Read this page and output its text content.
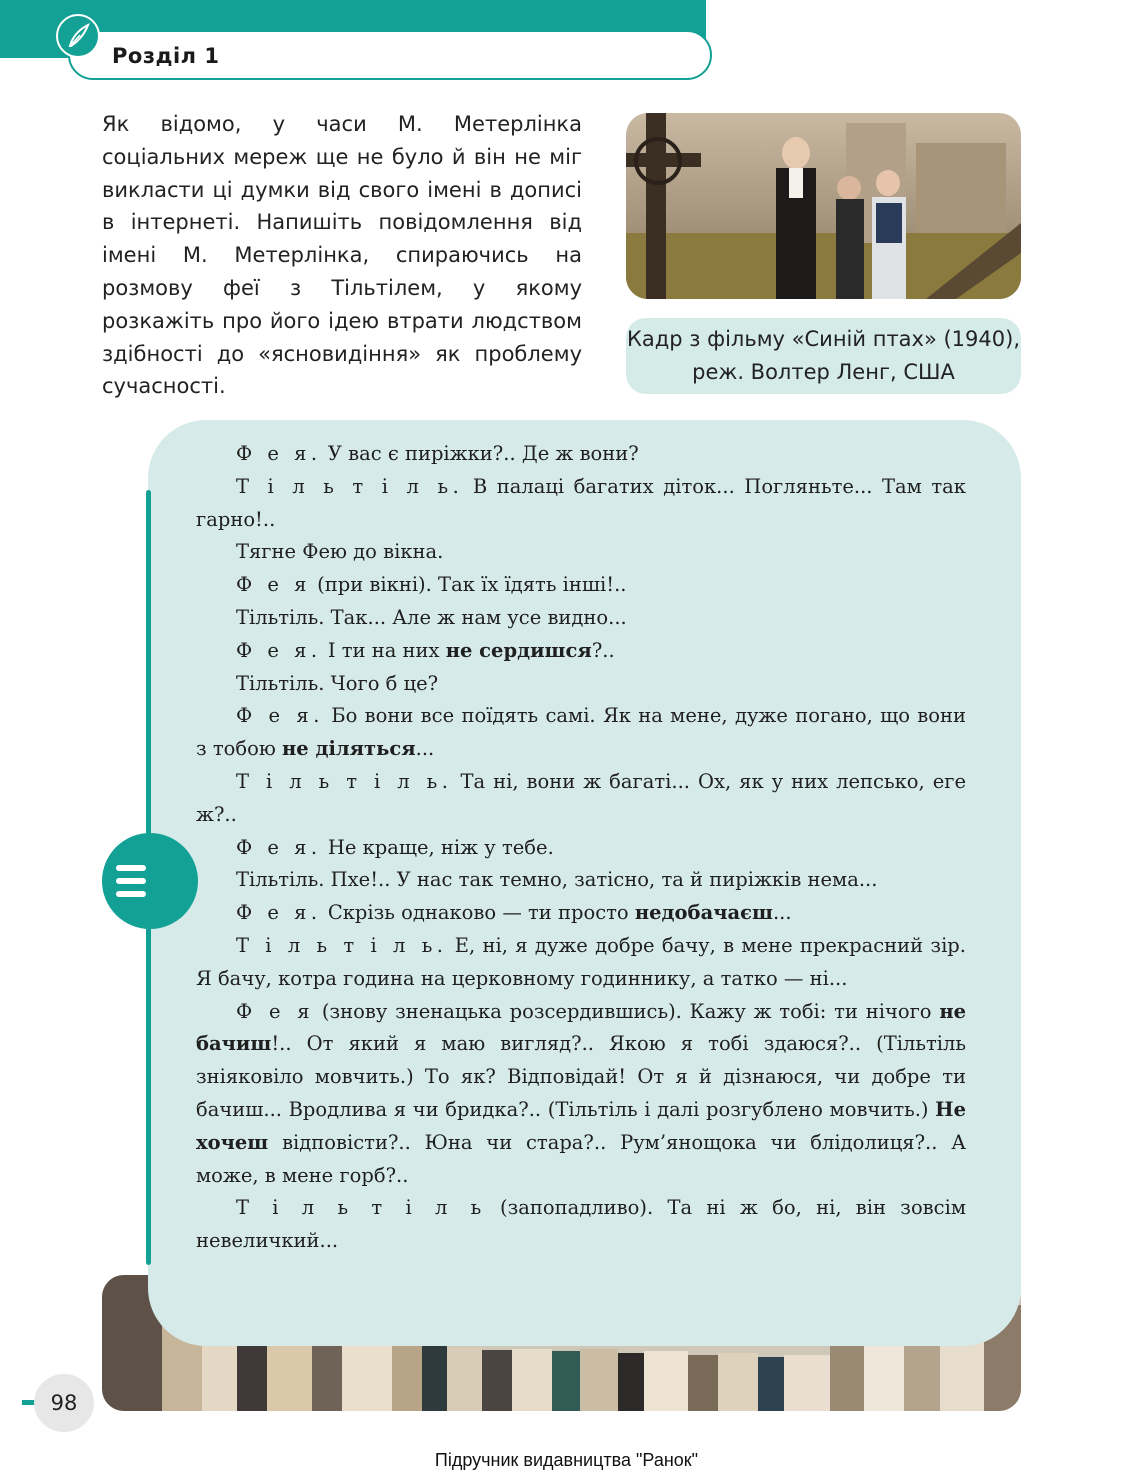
Розділ 1
Як відомо, у часи М. Метерлінка соціальних мереж ще не було й він не міг викласти ці думки від свого імені в дописі в інтернеті. Напишіть повідомлення від імені М. Метерлінка, спираючись на розмову феї з Тільтілем, у якому розкажіть про його ідею втрати людством здібності до «ясновидіння» як проблему сучасності.
Кадр з фільму «Синій птах» (1940), реж. Волтер Ленг, США

Ф е я. У вас є пиріжки?.. Де ж вони?

Т і л ь т і л ь. В палаці багатих діток... Погляньте... Там так гарно!..

Тягне Фею до вікна.

Ф е я (при вікні). Так їх їдять інші!..

Тільтіль. Так... Але ж нам усе видно...

Ф е я. І ти на них не сердишся?..

Тільтіль. Чого б це?

Ф е я. Бо вони все поїдять самі. Як на мене, дуже погано, що вони з тобою не діляться...

Т і л ь т і л ь. Та ні, вони ж багаті... Ох, як у них лепсько, еге ж?..

Ф е я. Не краще, ніж у тебе.

Тільтіль. Пхе!.. У нас так темно, затісно, та й пиріжків нема...

Ф е я. Скрізь однаково — ти просто недобачаєш...

Т і л ь т і л ь. Е, ні, я дуже добре бачу, в мене прекрасний зір. Я бачу, котра година на церковному годиннику, а татко — ні...

Ф е я (знову зненацька розсердившись). Кажу ж тобі: ти нічого не бачиш!.. От який я маю вигляд?.. Якою я тобі здаюся?.. (Тільтіль зніяковіло мовчить.) То як? Відповідай! От я й дізнаюся, чи добре ти бачиш... Вродлива я чи бридка?.. (Тільтіль і далі розгублено мовчить.) Не хочеш відповісти?.. Юна чи стара?.. Рум’янощока чи блідолиця?.. А може, в мене горб?..

Т і л ь т і л ь (запопадливо). Та ні ж бо, ні, він зовсім невеличкий...

98
Підручник видавництва "Ранок"
